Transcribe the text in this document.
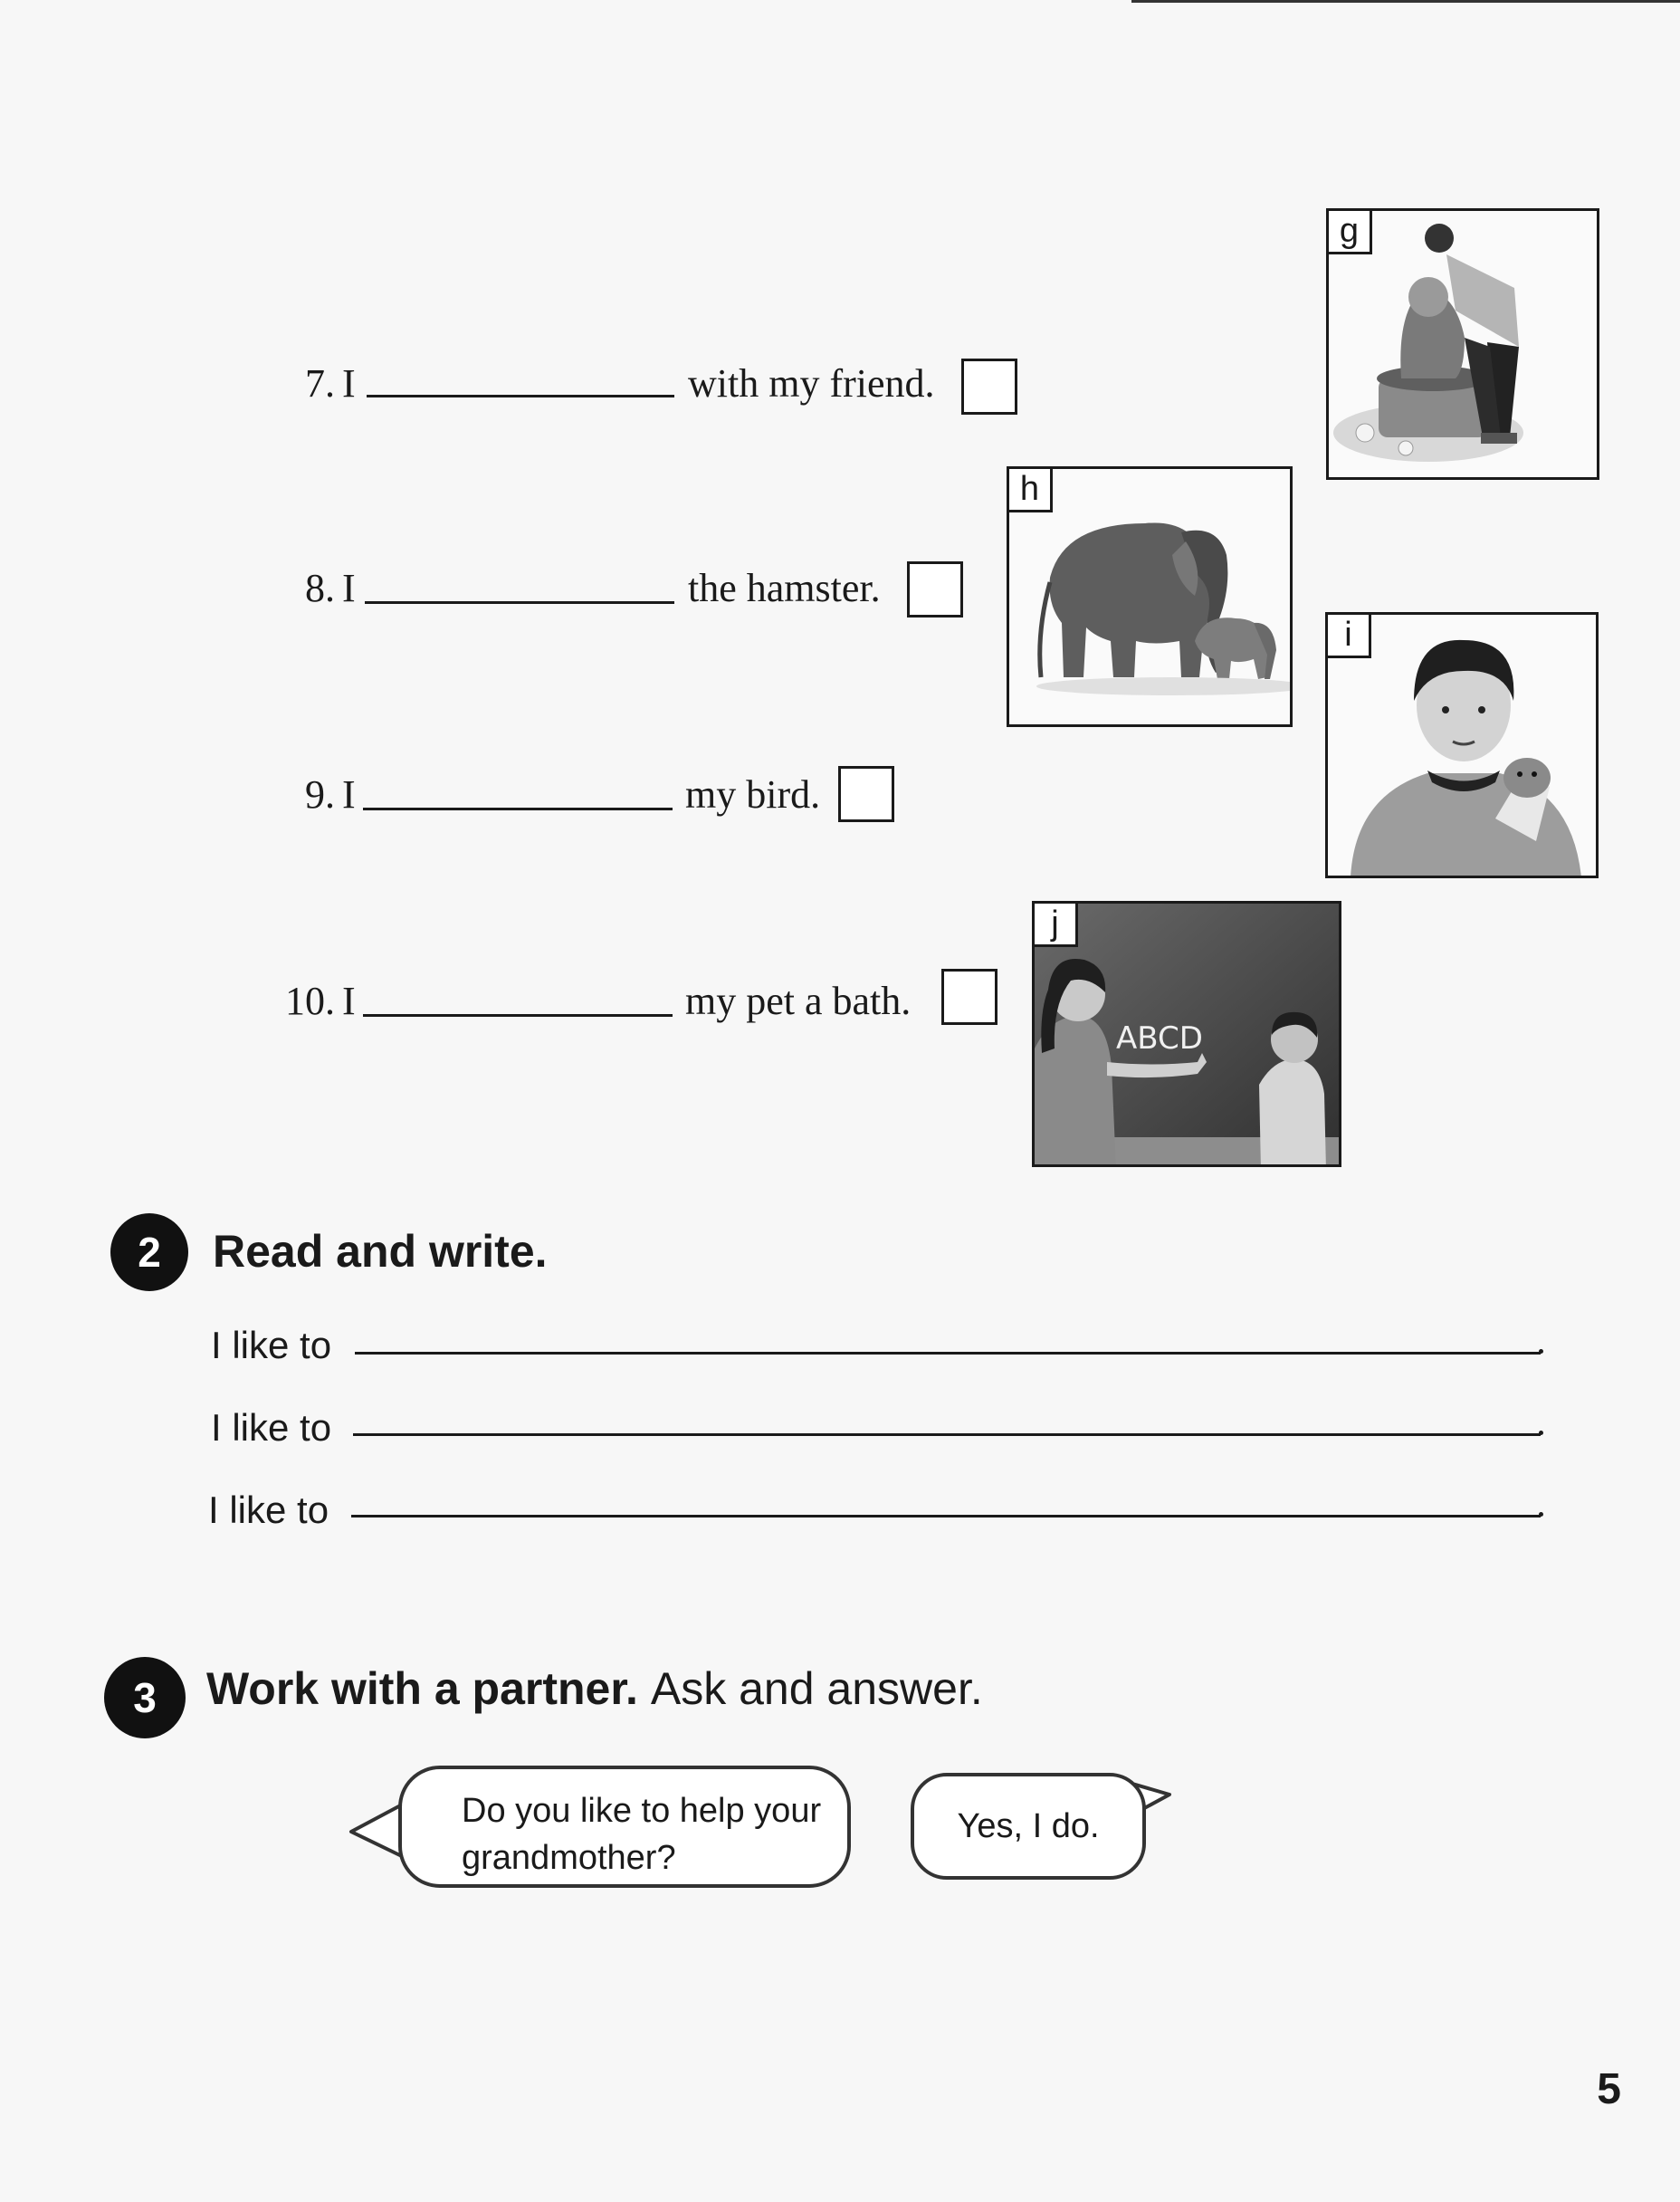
7. I	with my friend.
8. I	the hamster.
9. I	my bird.
10. I	my pet a bath.
g
h
i
ABCD
j
2	Read and write.
I like to
I like to
I like to
3	Work with a partner. Ask and answer.
Do you like to help your
grandmother?
Yes, I do.
5
